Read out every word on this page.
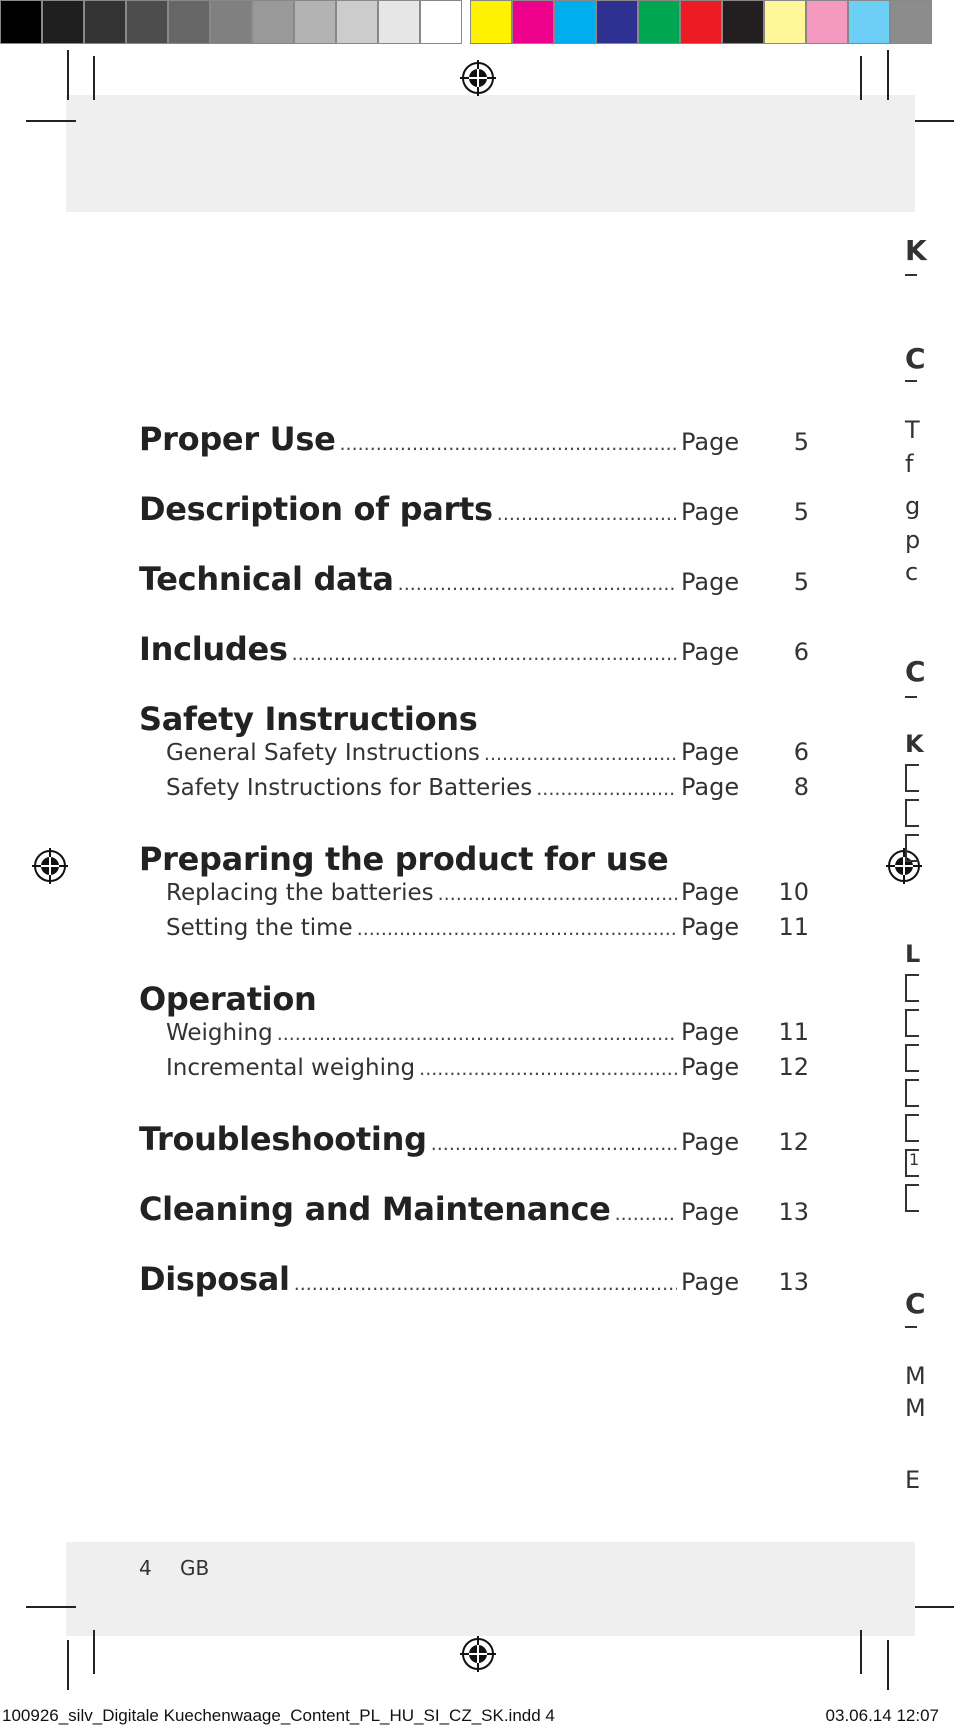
Proper Use .....	Page	5
Description of parts .....	Page	5
Technical data .....	Page	5
Includes .....	Page	6
Safety Instructions
General Safety Instructions .....	Page	6
Safety Instructions for Batteries .....	Page	8
Preparing the product for use
Replacing the batteries .....	Page	10
Setting the time .....	Page	11
Operation
Weighing .....	Page	11
Incremental weighing .....	Page	12
Troubleshooting .....	Page	12
Cleaning and Maintenance .....	Page	13
Disposal .....	Page	13
4 GB
100926_silv_Digitale Kuechenwaage_Content_PL_HU_SI_CZ_SK.indd 4	03.06.14 12:07
K
C
T
f
g
p
c
C
K
L
1
C
M
M
E
